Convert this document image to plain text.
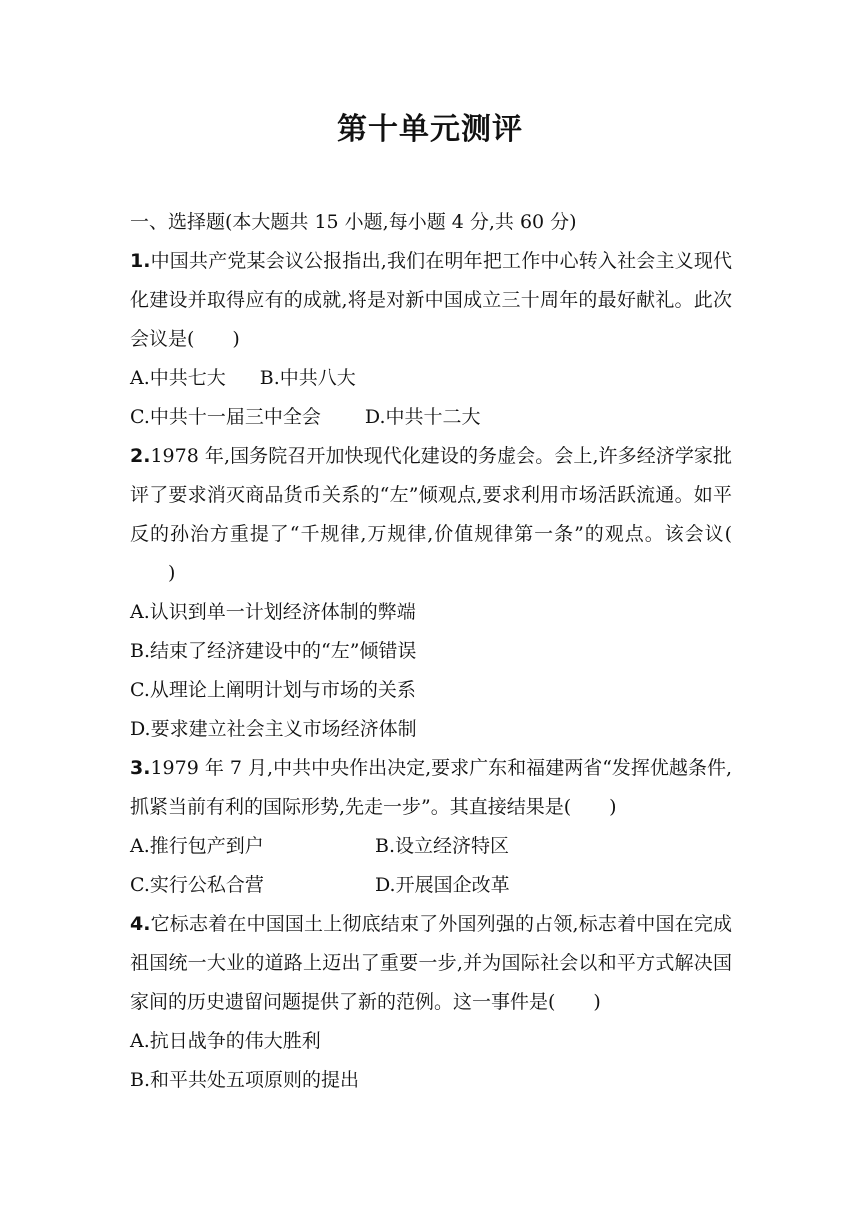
第十单元测评
一、选择题(本大题共 15 小题,每小题 4 分,共 60 分)
1.中国共产党某会议公报指出,我们在明年把工作中心转入社会主义现代化建设并取得应有的成就,将是对新中国成立三十周年的最好献礼。此次会议是( )
A.中共七大 B.中共八大
C.中共十一届三中全会 D.中共十二大
2.1978 年,国务院召开加快现代化建设的务虚会。会上,许多经济学家批评了要求消灭商品货币关系的“左”倾观点,要求利用市场活跃流通。如平反的孙治方重提了“千规律,万规律,价值规律第一条”的观点。该会议()
A.认识到单一计划经济体制的弊端
B.结束了经济建设中的“左”倾错误
C.从理论上阐明计划与市场的关系
D.要求建立社会主义市场经济体制
3.1979 年 7 月,中共中央作出决定,要求广东和福建两省“发挥优越条件,抓紧当前有利的国际形势,先走一步”。其直接结果是( )
A.推行包产到户	B.设立经济特区
C.实行公私合营	D.开展国企改革
4.它标志着在中国国土上彻底结束了外国列强的占领,标志着中国在完成祖国统一大业的道路上迈出了重要一步,并为国际社会以和平方式解决国家间的历史遗留问题提供了新的范例。这一事件是( )
A.抗日战争的伟大胜利
B.和平共处五项原则的提出
